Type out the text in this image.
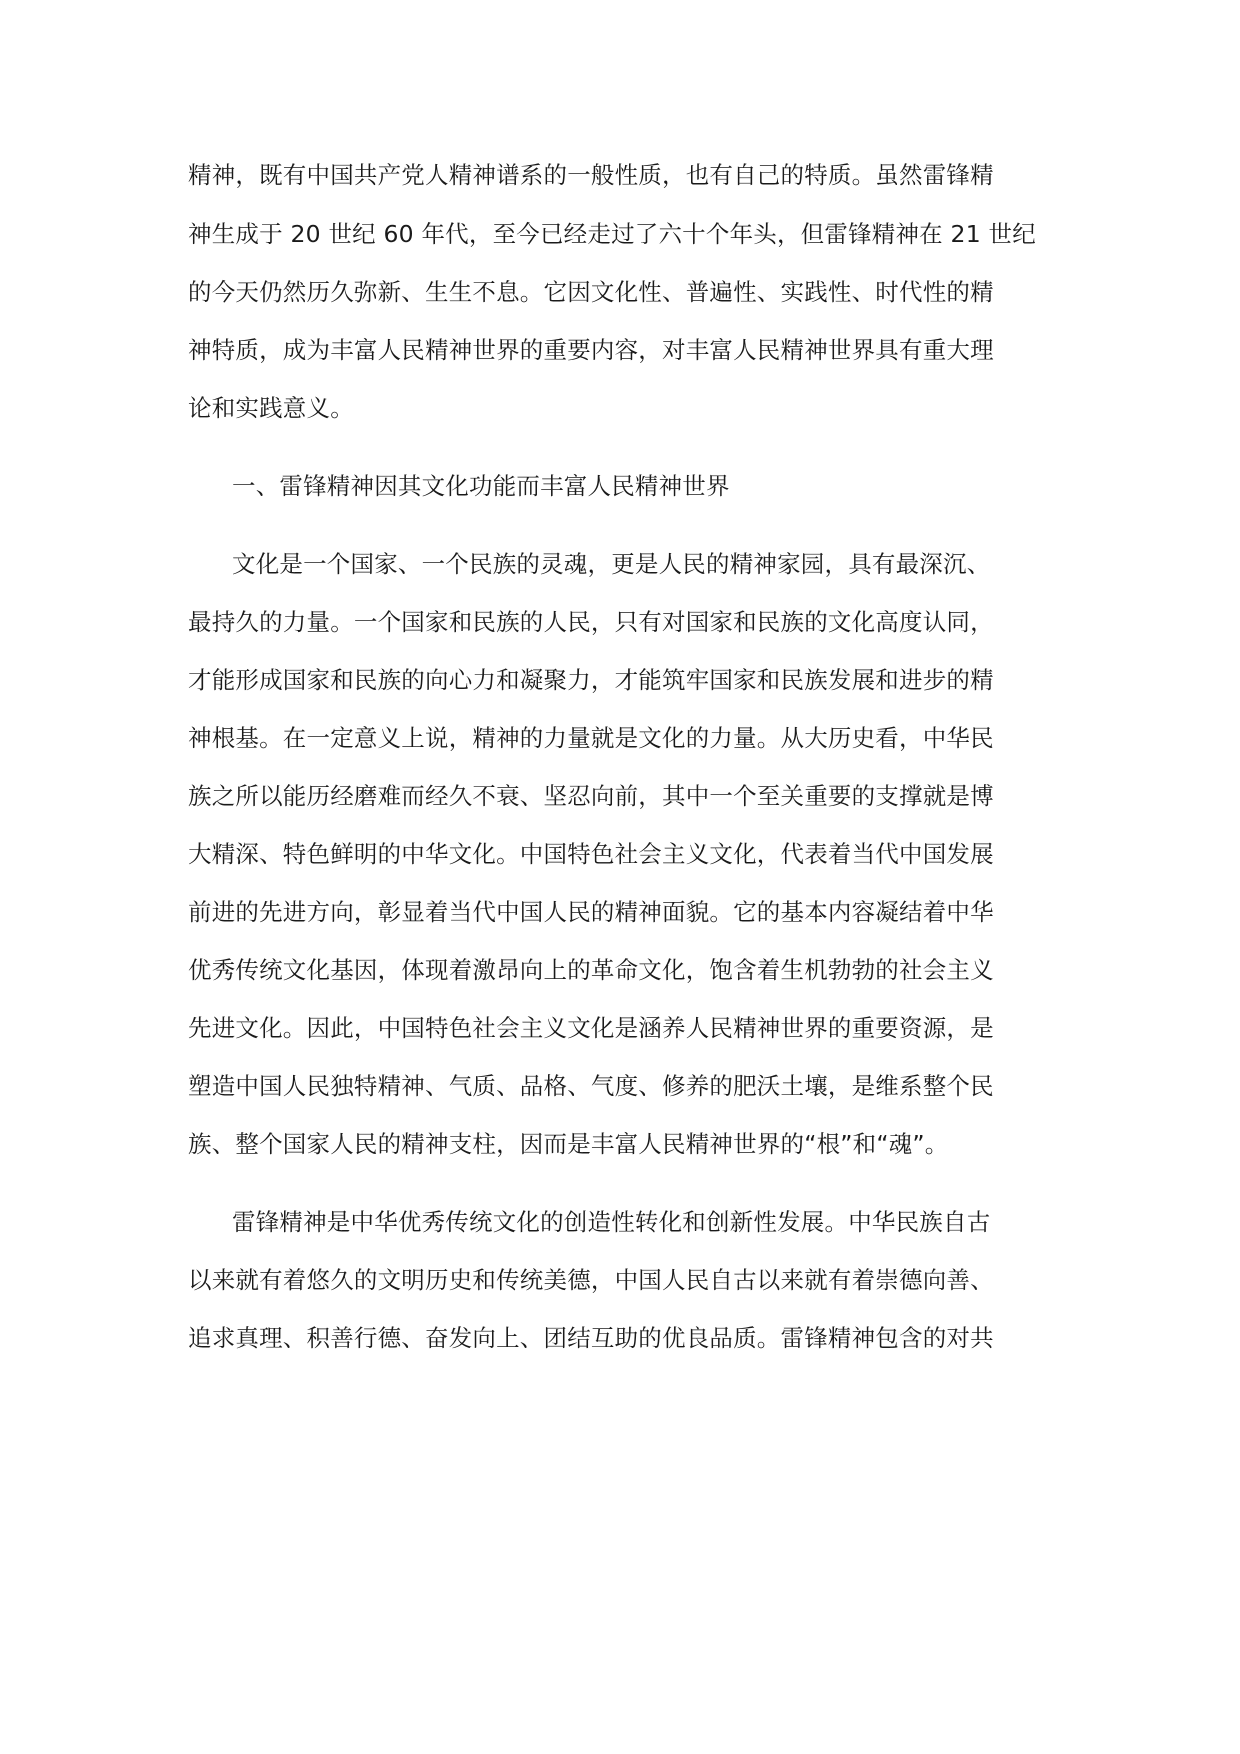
精神，既有中国共产党人精神谱系的一般性质，也有自己的特质。虽然雷锋精
神生成于 20 世纪 60 年代，至今已经走过了六十个年头，但雷锋精神在 21 世纪
的今天仍然历久弥新、生生不息。它因文化性、普遍性、实践性、时代性的精
神特质，成为丰富人民精神世界的重要内容，对丰富人民精神世界具有重大理
论和实践意义。
一、雷锋精神因其文化功能而丰富人民精神世界
文化是一个国家、一个民族的灵魂，更是人民的精神家园，具有最深沉、
最持久的力量。一个国家和民族的人民，只有对国家和民族的文化高度认同，
才能形成国家和民族的向心力和凝聚力，才能筑牢国家和民族发展和进步的精
神根基。在一定意义上说，精神的力量就是文化的力量。从大历史看，中华民
族之所以能历经磨难而经久不衰、坚忍向前，其中一个至关重要的支撑就是博
大精深、特色鲜明的中华文化。中国特色社会主义文化，代表着当代中国发展
前进的先进方向，彰显着当代中国人民的精神面貌。它的基本内容凝结着中华
优秀传统文化基因，体现着激昂向上的革命文化，饱含着生机勃勃的社会主义
先进文化。因此，中国特色社会主义文化是涵养人民精神世界的重要资源，是
塑造中国人民独特精神、气质、品格、气度、修养的肥沃土壤，是维系整个民
族、整个国家人民的精神支柱，因而是丰富人民精神世界的“根”和“魂”。
雷锋精神是中华优秀传统文化的创造性转化和创新性发展。中华民族自古
以来就有着悠久的文明历史和传统美德，中国人民自古以来就有着崇德向善、
追求真理、积善行德、奋发向上、团结互助的优良品质。雷锋精神包含的对共
